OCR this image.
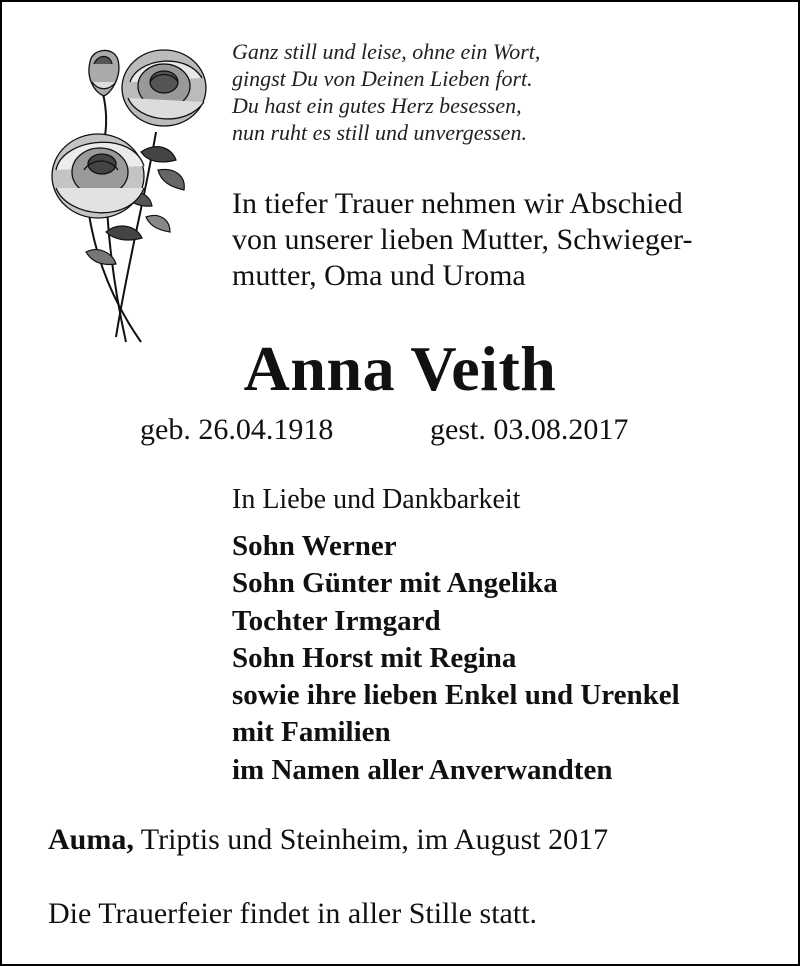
Ganz still und leise, ohne ein Wort,
gingst Du von Deinen Lieben fort.
Du hast ein gutes Herz besessen,
nun ruht es still und unvergessen.
In tiefer Trauer nehmen wir Abschied
von unserer lieben Mutter, Schwieger-
mutter, Oma und Uroma
Anna Veith
geb. 26.04.1918	gest. 03.08.2017
In Liebe und Dankbarkeit
Sohn Werner
Sohn Günter mit Angelika
Tochter Irmgard
Sohn Horst mit Regina
sowie ihre lieben Enkel und Urenkel
mit Familien
im Namen aller Anverwandten
Auma, Triptis und Steinheim, im August 2017
Die Trauerfeier findet in aller Stille statt.
